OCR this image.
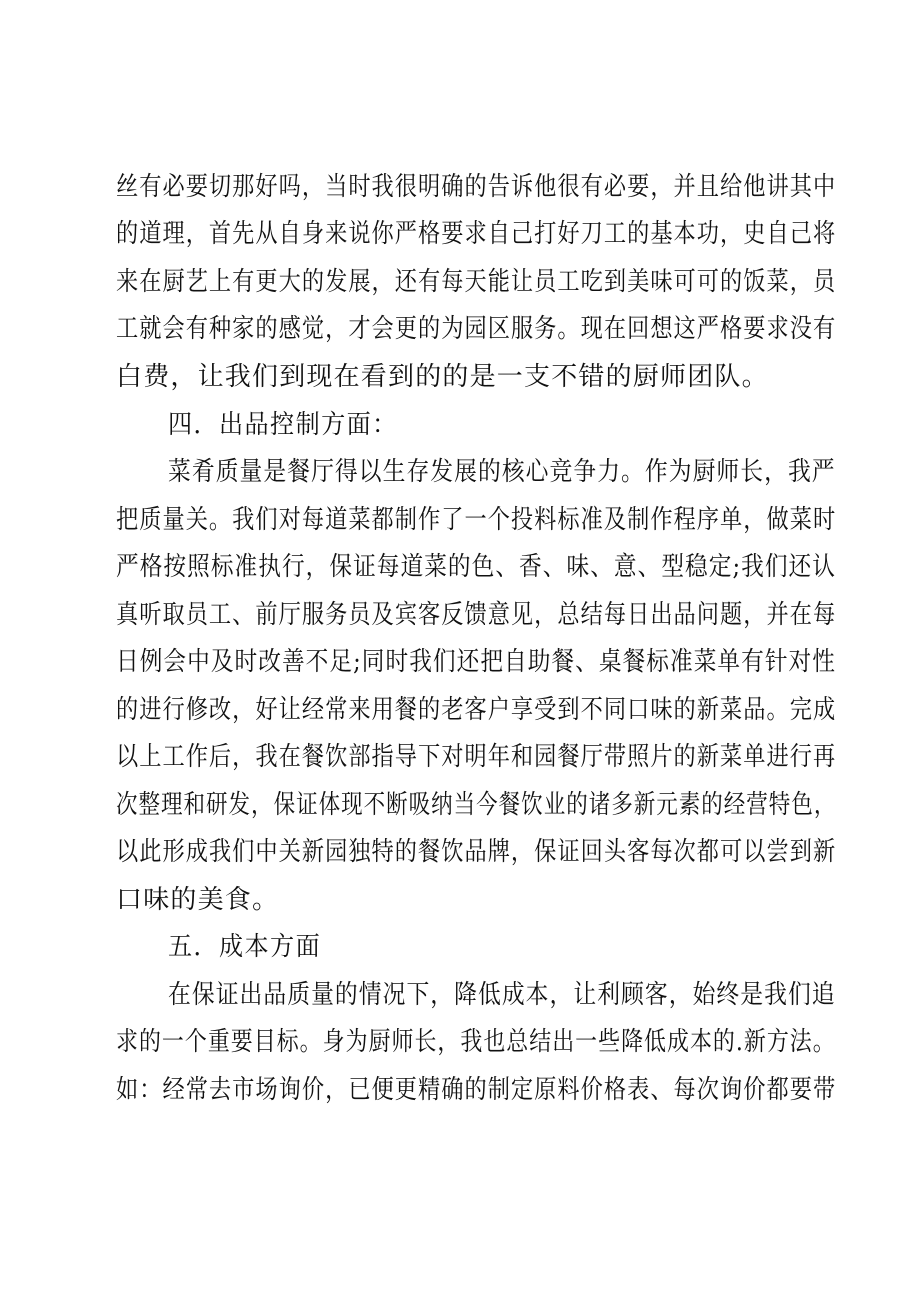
丝有必要切那好吗，当时我很明确的告诉他很有必要，并且给他讲其中
的道理，首先从自身来说你严格要求自己打好刀工的基本功，史自己将
来在厨艺上有更大的发展，还有每天能让员工吃到美味可可的饭菜，员
工就会有种家的感觉，才会更的为园区服务。现在回想这严格要求没有
白费，让我们到现在看到的的是一支不错的厨师团队。
四．出品控制方面：
菜肴质量是餐厅得以生存发展的核心竞争力。作为厨师长，我严
把质量关。我们对每道菜都制作了一个投料标准及制作程序单，做菜时
严格按照标准执行，保证每道菜的色、香、味、意、型稳定;我们还认
真听取员工、前厅服务员及宾客反馈意见，总结每日出品问题，并在每
日例会中及时改善不足;同时我们还把自助餐、桌餐标准菜单有针对性
的进行修改，好让经常来用餐的老客户享受到不同口味的新菜品。完成
以上工作后，我在餐饮部指导下对明年和园餐厅带照片的新菜单进行再
次整理和研发，保证体现不断吸纳当今餐饮业的诸多新元素的经营特色，
以此形成我们中关新园独特的餐饮品牌，保证回头客每次都可以尝到新
口味的美食。
五．成本方面
在保证出品质量的情况下，降低成本，让利顾客，始终是我们追
求的一个重要目标。身为厨师长，我也总结出一些降低成本的.新方法。
如：经常去市场询价，已便更精确的制定原料价格表、每次询价都要带
